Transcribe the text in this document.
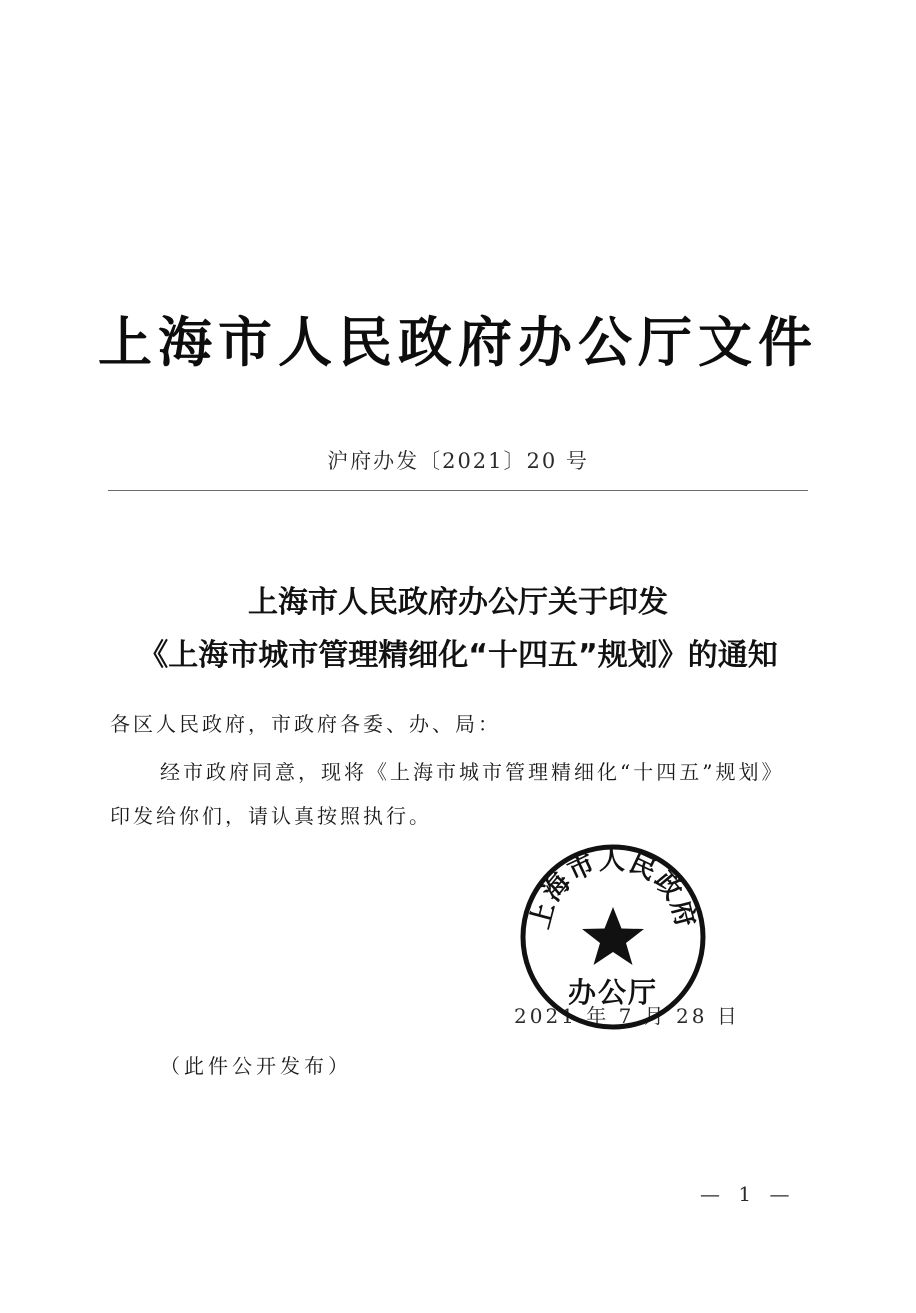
上海市人民政府办公厅文件
沪府办发〔2021〕20 号
上海市人民政府办公厅关于印发
《上海市城市管理精细化“十四五”规划》的通知
各区人民政府，市政府各委、办、局：
经市政府同意，现将《上海市城市管理精细化“十四五”规划》
印发给你们，请认真按照执行。
2021 年 7 月 28 日
上海市人民政府
办公厅
（此件公开发布）
— 1 —
